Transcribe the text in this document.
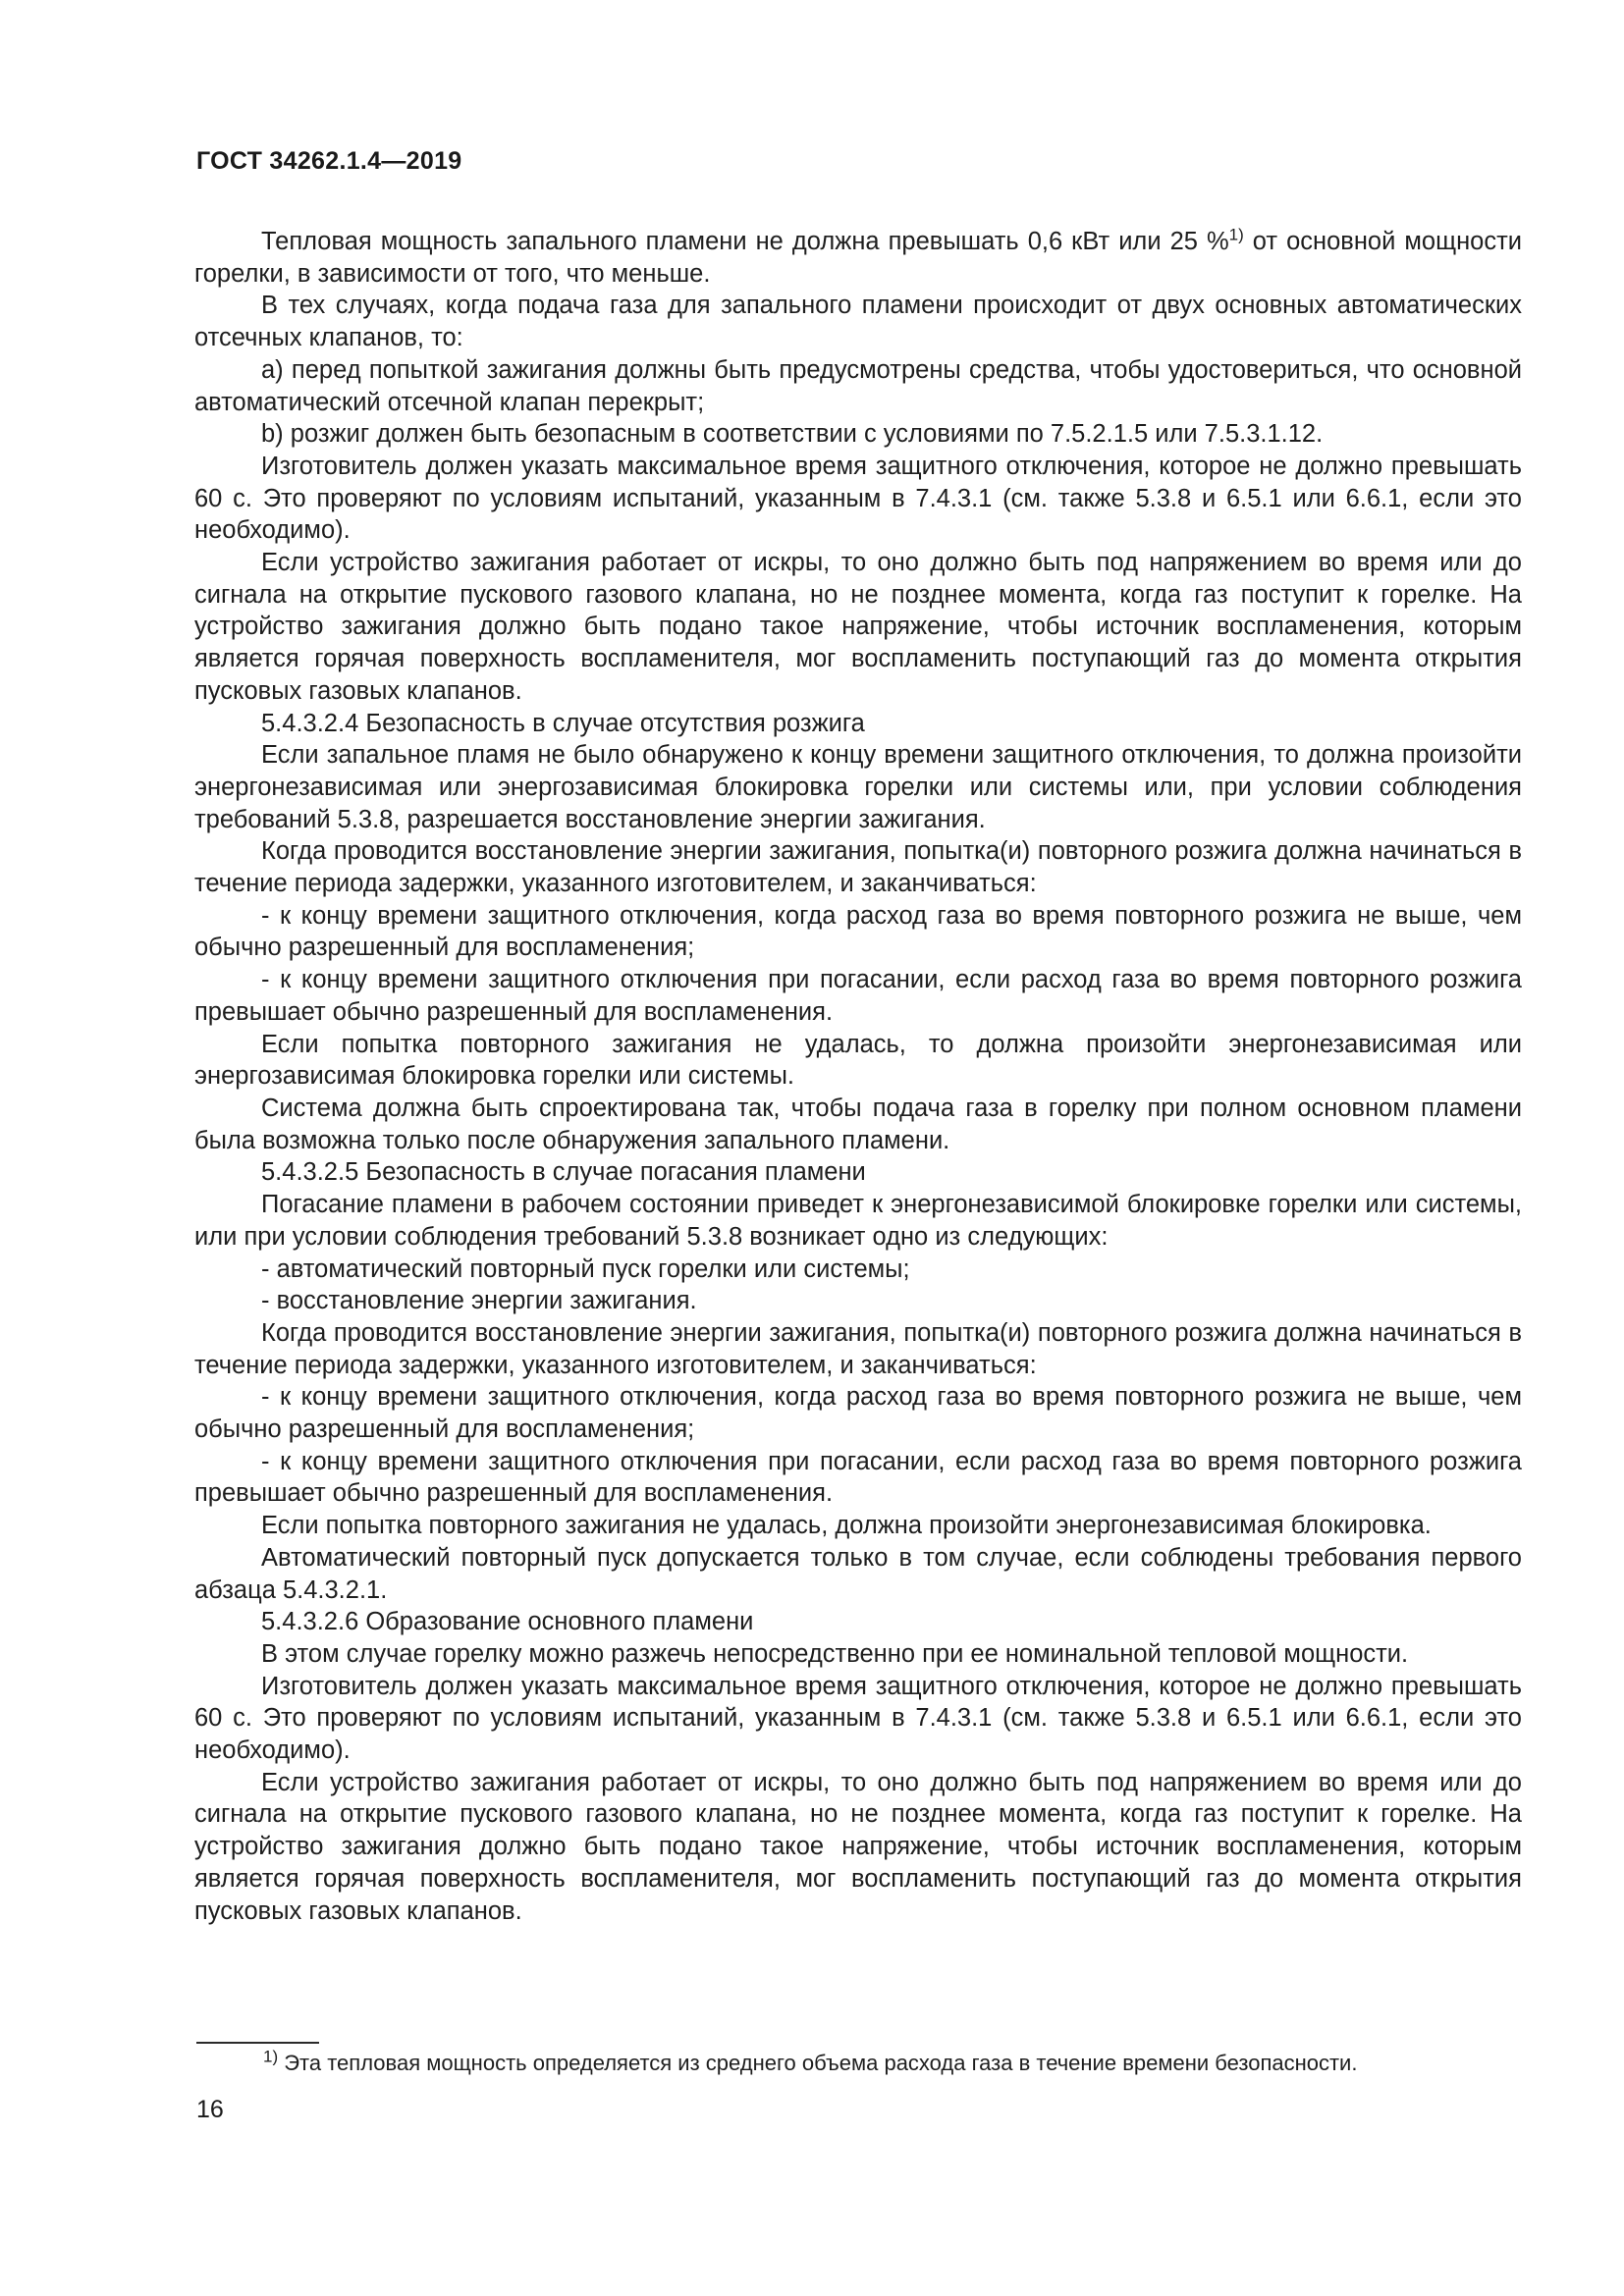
ГОСТ 34262.1.4—2019

Тепловая мощность запального пламени не должна превышать 0,6 кВт или 25 %$^{1)}$ от основной мощности горелки, в зависимости от того, что меньше.

В тех случаях, когда подача газа для запального пламени происходит от двух основных автоматических отсечных клапанов, то:

a) перед попыткой зажигания должны быть предусмотрены средства, чтобы удостовериться, что основной автоматический отсечной клапан перекрыт;

b) розжиг должен быть безопасным в соответствии с условиями по 7.5.2.1.5 или 7.5.3.1.12.

Изготовитель должен указать максимальное время защитного отключения, которое не должно превышать 60 с. Это проверяют по условиям испытаний, указанным в 7.4.3.1 (см. также 5.3.8 и 6.5.1 или 6.6.1, если это необходимо).

Если устройство зажигания работает от искры, то оно должно быть под напряжением во время или до сигнала на открытие пускового газового клапана, но не позднее момента, когда газ поступит к горелке. На устройство зажигания должно быть подано такое напряжение, чтобы источник воспламенения, которым является горячая поверхность воспламенителя, мог воспламенить поступающий газ до момента открытия пусковых газовых клапанов.

5.4.3.2.4 Безопасность в случае отсутствия розжига

Если запальное пламя не было обнаружено к концу времени защитного отключения, то должна произойти энергонезависимая или энергозависимая блокировка горелки или системы или, при условии соблюдения требований 5.3.8, разрешается восстановление энергии зажигания.

Когда проводится восстановление энергии зажигания, попытка(и) повторного розжига должна начинаться в течение периода задержки, указанного изготовителем, и заканчиваться:

- к концу времени защитного отключения, когда расход газа во время повторного розжига не выше, чем обычно разрешенный для воспламенения;

- к концу времени защитного отключения при погасании, если расход газа во время повторного розжига превышает обычно разрешенный для воспламенения.

Если попытка повторного зажигания не удалась, то должна произойти энергонезависимая или энергозависимая блокировка горелки или системы.

Система должна быть спроектирована так, чтобы подача газа в горелку при полном основном пламени была возможна только после обнаружения запального пламени.

5.4.3.2.5 Безопасность в случае погасания пламени

Погасание пламени в рабочем состоянии приведет к энергонезависимой блокировке горелки или системы, или при условии соблюдения требований 5.3.8 возникает одно из следующих:

- автоматический повторный пуск горелки или системы;

- восстановление энергии зажигания.

Когда проводится восстановление энергии зажигания, попытка(и) повторного розжига должна начинаться в течение периода задержки, указанного изготовителем, и заканчиваться:

- к концу времени защитного отключения, когда расход газа во время повторного розжига не выше, чем обычно разрешенный для воспламенения;

- к концу времени защитного отключения при погасании, если расход газа во время повторного розжига превышает обычно разрешенный для воспламенения.

Если попытка повторного зажигания не удалась, должна произойти энергонезависимая блокировка.

Автоматический повторный пуск допускается только в том случае, если соблюдены требования первого абзаца 5.4.3.2.1.

5.4.3.2.6 Образование основного пламени

В этом случае горелку можно разжечь непосредственно при ее номинальной тепловой мощности.

Изготовитель должен указать максимальное время защитного отключения, которое не должно превышать 60 с. Это проверяют по условиям испытаний, указанным в 7.4.3.1 (см. также 5.3.8 и 6.5.1 или 6.6.1, если это необходимо).

Если устройство зажигания работает от искры, то оно должно быть под напряжением во время или до сигнала на открытие пускового газового клапана, но не позднее момента, когда газ поступит к горелке. На устройство зажигания должно быть подано такое напряжение, чтобы источник воспламенения, которым является горячая поверхность воспламенителя, мог воспламенить поступающий газ до момента открытия пусковых газовых клапанов.

$^{1)}$ Эта тепловая мощность определяется из среднего объема расхода газа в течение времени безопасности.

16
